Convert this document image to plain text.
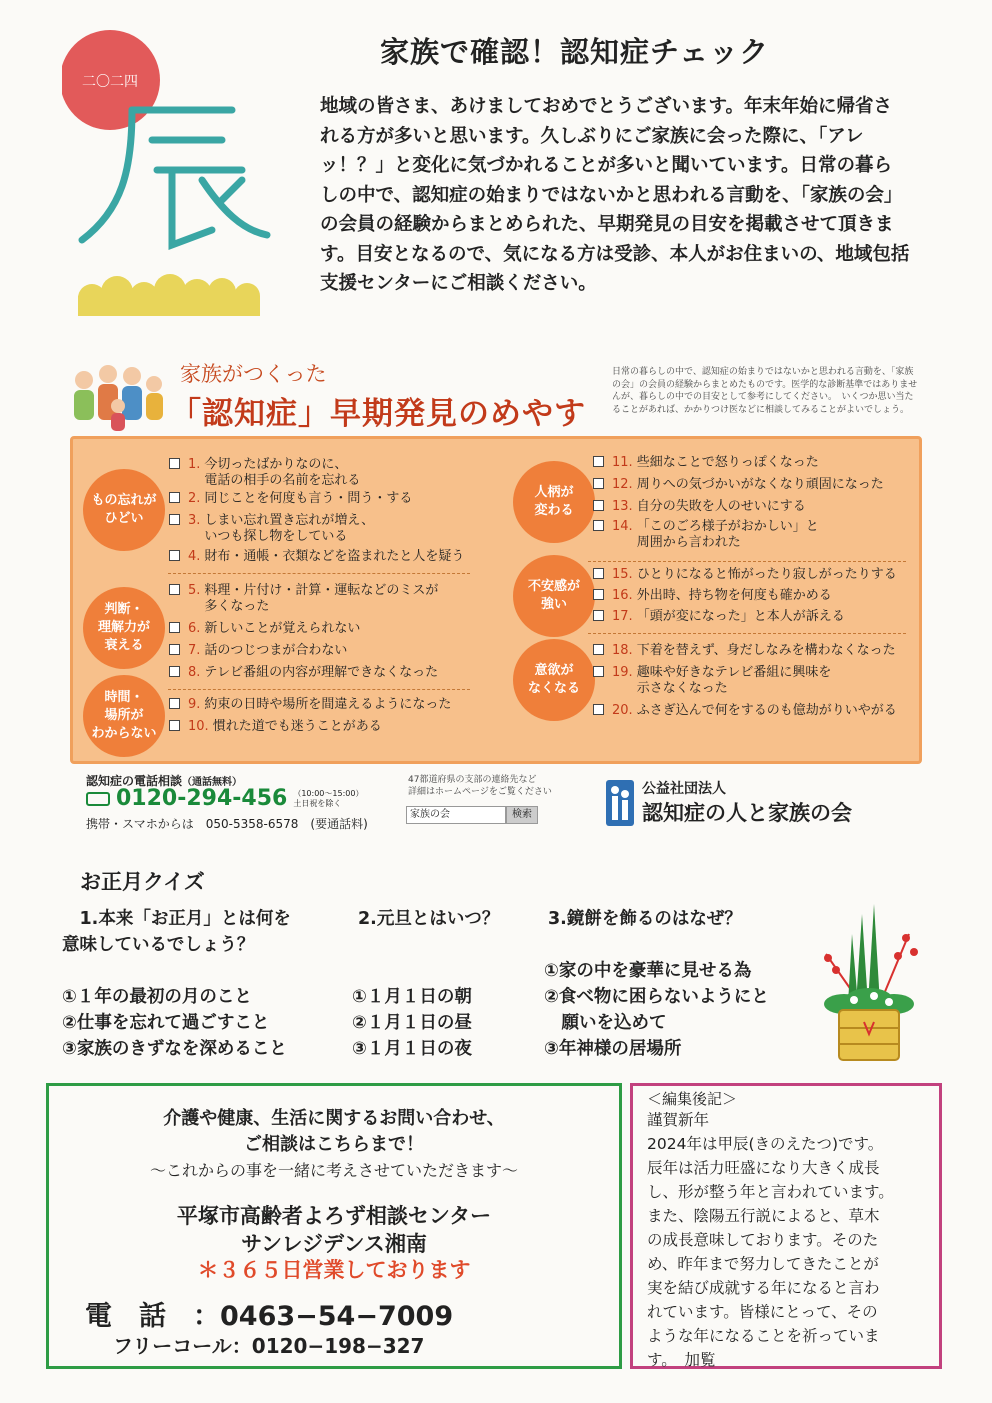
二〇二四
家族で確認！認知症チェック
地域の皆さま、あけましておめでとうございます。年末年始に帰省される方が多いと思います。久しぶりにご家族に会った際に、「アレッ！？」と変化に気づかれることが多いと聞いています。日常の暮らしの中で、認知症の始まりではないかと思われる言動を、「家族の会」の会員の経験からまとめられた、早期発見の目安を掲載させて頂きます。目安となるので、気になる方は受診、本人がお住まいの、地域包括支援センターにご相談ください。
家族がつくった
「認知症」早期発見のめやす
日常の暮らしの中で、認知症の始まりではないかと思われる言動を、「家族の会」の会員の経験からまとめたものです。医学的な診断基準ではありませんが、暮らしの中での目安として参考にしてください。　いくつか思い当たることがあれば、かかりつけ医などに相談してみることがよいでしょう。
もの忘れが
ひどい
判断・
理解力が
衰える
時間・
場所が
わからない
人柄が
変わる
不安感が
強い
意欲が
なくなる
1. 今切ったばかりなのに、
電話の相手の名前を忘れる
2. 同じことを何度も言う・問う・する
3. しまい忘れ置き忘れが増え、
いつも探し物をしている
4. 財布・通帳・衣類などを盗まれたと人を疑う
5. 料理・片付け・計算・運転などのミスが
多くなった
6. 新しいことが覚えられない
7. 話のつじつまが合わない
8. テレビ番組の内容が理解できなくなった
9. 約束の日時や場所を間違えるようになった
10. 慣れた道でも迷うことがある
11. 些細なことで怒りっぽくなった
12. 周りへの気づかいがなくなり頑固になった
13. 自分の失敗を人のせいにする
14. 「このごろ様子がおかしい」と
周囲から言われた
15. ひとりになると怖がったり寂しがったりする
16. 外出時、持ち物を何度も確かめる
17. 「頭が変になった」と本人が訴える
18. 下着を替えず、身だしなみを構わなくなった
19. 趣味や好きなテレビ番組に興味を
示さなくなった
20. ふさぎ込んで何をするのも億劫がりいやがる
認知症の電話相談（通話無料）
0120-294-456 （10:00〜15:00）
土日祝を除く
携帯・スマホからは　050-5358-6578　(要通話料)
47都道府県の支部の連絡先など
詳細はホームページをご覧ください
家族の会	検索
公益社団法人
認知症の人と家族の会
お正月クイズ
　1.本来「お正月」とは何を
意味しているでしょう？
①１年の最初の月のこと
②仕事を忘れて過ごすこと
③家族のきずなを深めること
2.元旦とはいつ？
①１月１日の朝
②１月１日の昼
③１月１日の夜
3.鏡餅を飾るのはなぜ？
①家の中を豪華に見せる為
②食べ物に困らないようにと
　願いを込めて
③年神様の居場所
介護や健康、生活に関するお問い合わせ、
ご相談はこちらまで！
〜これからの事を一緒に考えさせていただきます〜
平塚市高齢者よろず相談センター
サンレジデンス湘南
＊３６５日営業しております
電　話　：0463−54−7009
フリーコール：0120−198−327
＜編集後記＞
謹賀新年
2024年は甲辰(きのえたつ)です。
辰年は活力旺盛になり大きく成長
し、形が整う年と言われています。
また、陰陽五行説によると、草木
の成長意味しております。そのた
め、昨年まで努力してきたことが
実を結び成就する年になると言わ
れています。皆様にとって、その
ような年になることを祈っていま
す。　加覧
